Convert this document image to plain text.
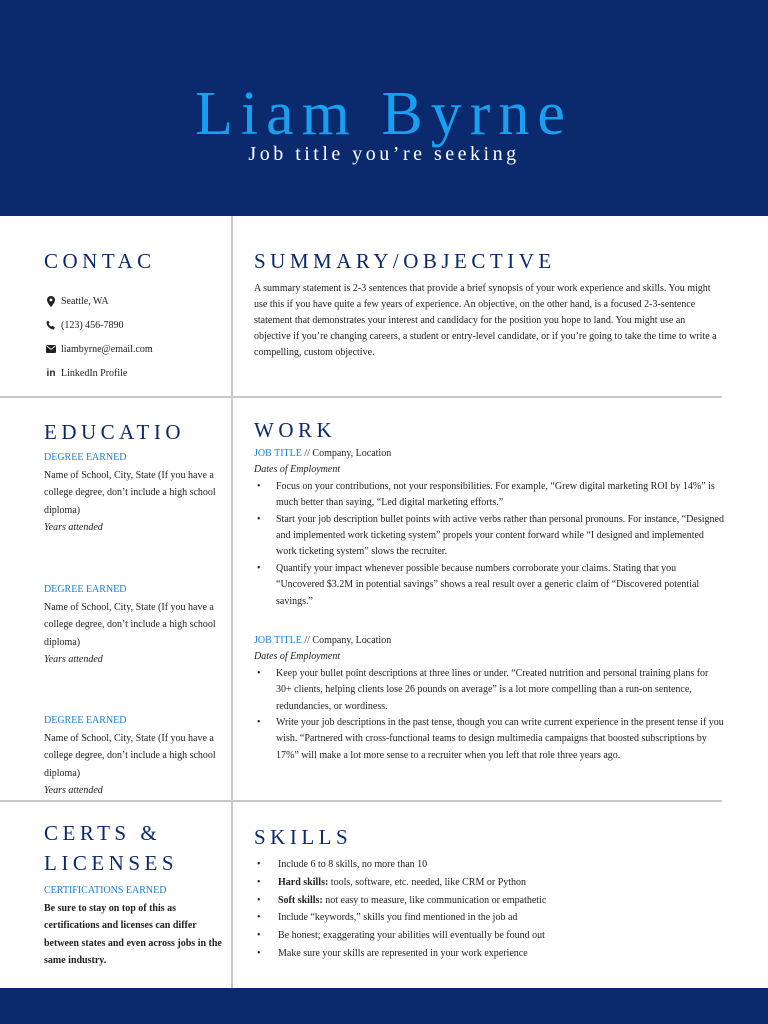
Liam Byrne
Job title you’re seeking
CONTAC
Seattle, WA
(123) 456-7890
liambyrne@email.com
in LinkedIn Profile
SUMMARY/OBJECTIVE
A summary statement is 2-3 sentences that provide a brief synopsis of your work experience and skills. You might use this if you have quite a few years of experience. An objective, on the other hand, is a focused 2-3-sentence statement that demonstrates your interest and candidacy for the position you hope to land. You might use an objective if you’re changing careers, a student or entry-level candidate, or if you’re going to take the time to write a compelling, custom objective.
EDUCATIO
DEGREE EARNED
Name of School, City, State (If you have a college degree, don’t include a high school diploma)
Years attended
DEGREE EARNED
Name of School, City, State (If you have a college degree, don’t include a high school diploma)
Years attended
DEGREE EARNED
Name of School, City, State (If you have a college degree, don’t include a high school diploma)
Years attended
WORK
JOB TITLE // Company, Location
Dates of Employment
• Focus on your contributions, not your responsibilities. For example, “Grew digital marketing ROI by 14%” is much better than saying, “Led digital marketing efforts.”
• Start your job description bullet points with active verbs rather than personal pronouns. For instance, “Designed and implemented work ticketing system” propels your content forward while “I designed and implemented work ticketing system” slows the recruiter.
• Quantify your impact whenever possible because numbers corroborate your claims. Stating that you “Uncovered $3.2M in potential savings” shows a real result over a generic claim of “Discovered potential savings.”
JOB TITLE // Company, Location
Dates of Employment
• Keep your bullet point descriptions at three lines or under. “Created nutrition and personal training plans for 30+ clients, helping clients lose 26 pounds on average” is a lot more compelling than a run-on sentence, redundancies, or wordiness.
• Write your job descriptions in the past tense, though you can write current experience in the present tense if you wish. “Partnered with cross-functional teams to design multimedia campaigns that boosted subscriptions by 17%” will make a lot more sense to a recruiter when you left that role three years ago.
CERTS &
LICENSES
CERTIFICATIONS EARNED
Be sure to stay on top of this as certifications and licenses can differ between states and even across jobs in the same industry.
SKILLS
• Include 6 to 8 skills, no more than 10
• Hard skills: tools, software, etc. needed, like CRM or Python
• Soft skills: not easy to measure, like communication or empathetic
• Include “keywords,” skills you find mentioned in the job ad
• Be honest; exaggerating your abilities will eventually be found out
• Make sure your skills are represented in your work experience
